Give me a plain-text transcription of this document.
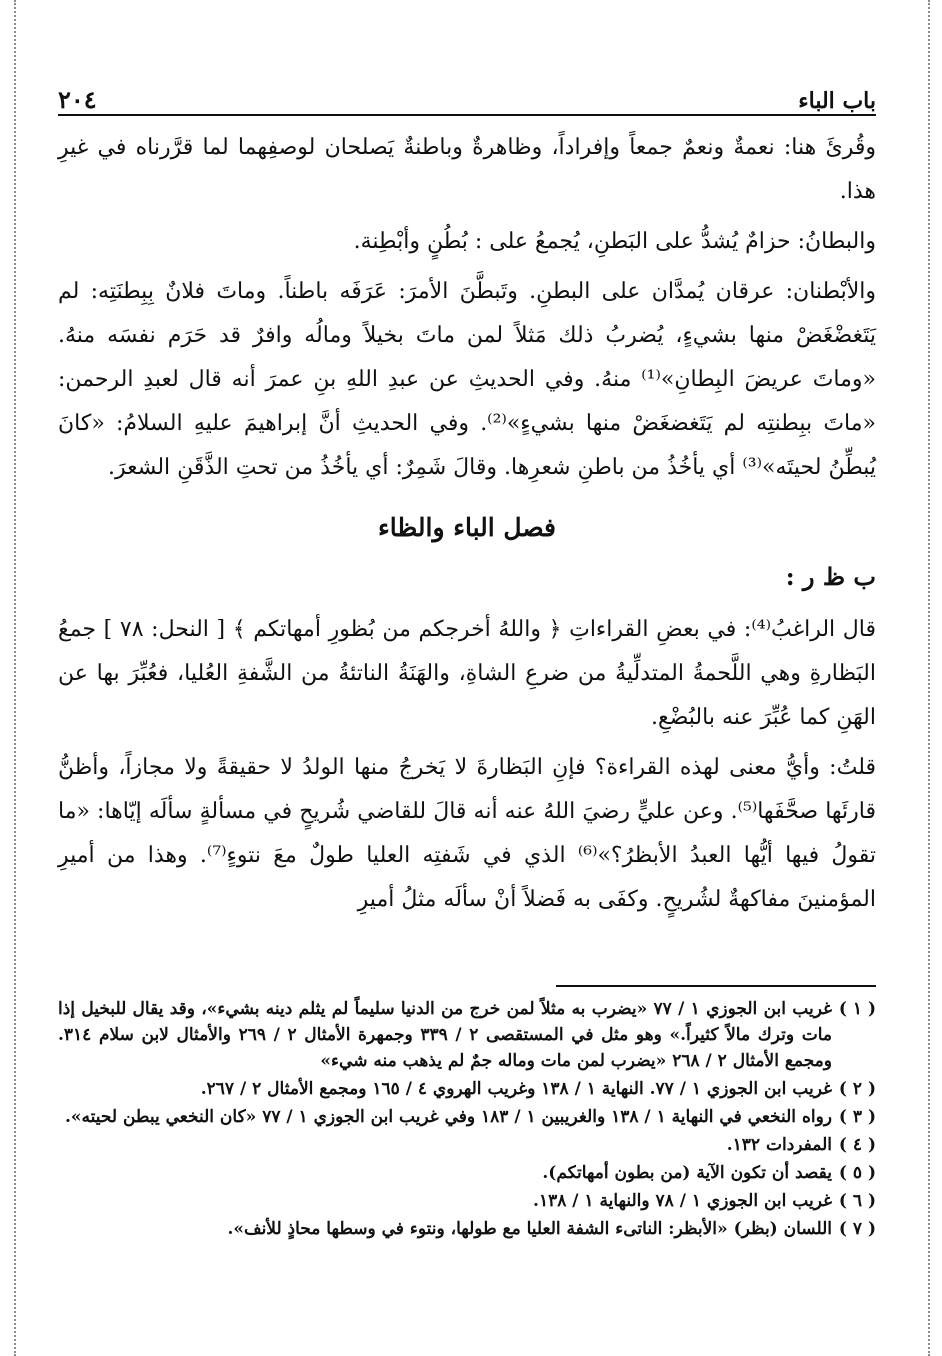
باب الباء
٢٠٤

وقُرئَ هنا: نعمةٌ ونعمٌ جمعاً وإفراداً، وظاهرةٌ وباطنةٌ يَصلحان لوصفِهما لما قرَّرناه في غيرِ هذا.

والبطانُ: حزامٌ يُشدُّ على البَطنِ، يُجمعُ على : بُطُنٍ وأبْطِنة.

والأبْطنان: عرقان يُمدَّان على البطنِ. وتَبطَّنَ الأمرَ: عَرَفَه باطناً. وماتَ فلانٌ بِبِطنَتِه: لم يَتَغضْغَضْ منها بشيءٍ، يُضربُ ذلك مَثلاً لمن ماتَ بخيلاً ومالُه وافرٌ قد حَرَم نفسَه منهُ. «وماتَ عريضَ البِطانِ»⁽¹⁾ منهُ. وفي الحديثِ عن عبدِ اللهِ بنِ عمرَ أنه قال لعبدِ الرحمن: «ماتَ ببِطنتِه لم يَتَغضغَضْ منها بشيءٍ»⁽²⁾. وفي الحديثِ أنَّ إبراهيمَ عليهِ السلامُ: «كانَ يُبطِّنُ لحيتَه»⁽³⁾ أي يأخُذُ من باطنِ شعرِها. وقالَ شَمِرٌ: أي يأخُذُ من تحتِ الذَّقَنِ الشعرَ.

فصل الباء والظاء
ب ظ ر :

قال الراغبُ⁽⁴⁾: في بعضِ القراءاتِ ﴿ واللهُ أخرجكم من بُظورِ أمهاتكم ﴾ [ النحل: ٧٨ ] جمعُ البَظارةِ وهي اللَّحمةُ المتدلِّيةُ من ضرعِ الشاةِ، والهَنَةُ الناتئةُ من الشَّفةِ العُليا، فعُبِّرَ بها عن الهَنِ كما عُبِّرَ عنه بالبُضْعِ.

قلتُ: وأيُّ معنى لهذه القراءة؟ فإنِ البَظارةَ لا يَخرجُ منها الولدُ لا حقيقةً ولا مجازاً، وأظنُّ قارئَها صحَّفَها⁽⁵⁾. وعن عليٍّ رضيَ اللهُ عنه أنه قالَ للقاضي شُريحٍ في مسألةٍ سألَه إيّاها: «ما تقولُ فيها أيُّها العبدُ الأبظرُ؟»⁽⁶⁾ الذي في شَفتِه العليا طولٌ معَ نتوءٍ⁽⁷⁾. وهذا من أميرِ المؤمنينَ مفاكهةٌ لشُريحٍ. وكفَى به فَضلاً أنْ سألَه مثلُ أميرِ

( ١ )
غريب ابن الجوزي ١ / ٧٧ «يضرب به مثلاً لمن خرج من الدنيا سليماً لم يثلم دينه بشيء»، وقد يقال للبخيل إذا مات وترك مالاً كثيراً.» وهو مثل في المستقصى ٢ / ٣٣٩ وجمهرة الأمثال ٢ / ٢٦٩ والأمثال لابن سلام ٣١٤. ومجمع الأمثال ٢ / ٢٦٨ «يضرب لمن مات وماله جمٌ لم يذهب منه شيء»
( ٢ )
غريب ابن الجوزي ١ / ٧٧. النهاية ١ / ١٣٨ وغريب الهروي ٤ / ١٦٥ ومجمع الأمثال ٢ / ٢٦٧.
( ٣ )
رواه النخعي في النهاية ١ / ١٣٨ والغريبين ١ / ١٨٣ وفي غريب ابن الجوزي ١ / ٧٧ «كان النخعي يبطن لحيته».
( ٤ )
المفردات ١٣٢.
( ٥ )
يقصد أن تكون الآية (من بطون أمهاتكم).
( ٦ )
غريب ابن الجوزي ١ / ٧٨ والنهاية ١ / ١٣٨.
( ٧ )
اللسان (بظر) «الأبظر: الناتىء الشفة العليا مع طولها، ونتوء في وسطها محاذٍ للأنف».
